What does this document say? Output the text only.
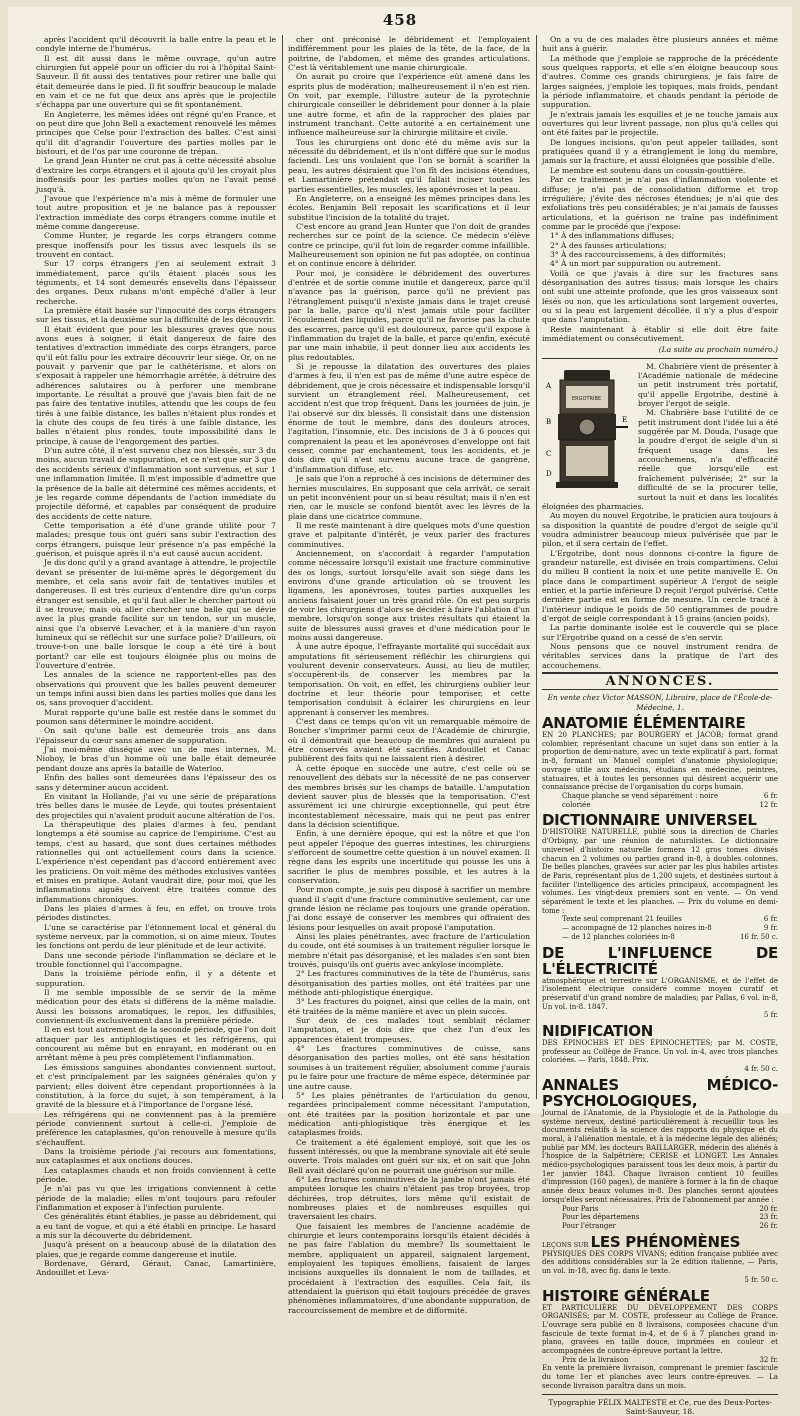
458

après l'accident qu'il découvrit la balle entre la peau et le condyle interne de l'humérus.

Il est dit aussi dans le même ouvrage, qu'un autre chirurgien fut appelé pour un officier du roi à l'hôpital Saint-Sauveur. Il fit aussi des tentatives pour retirer une balle qui était demeurée dans le pied. Il fit souffrir beaucoup le malade en vain et ce ne fut que deux ans après que le projectile s'échappa par une ouverture qui se fit spontanément.

En Angleterre, les mêmes idées ont régné qu'en France, et on peut dire que John Bell a exactement renouvelé les mêmes principes que Celse pour l'extraction des balles. C'est ainsi qu'il dit d'agrandir l'ouverture des parties molles par le bistouri, et de l'os par une couronne de trépan.

Le grand Jean Hunter ne crut pas à cette nécessité absolue d'extraire les corps étrangers et il ajouta qu'il les croyait plus inoffensifs pour les parties molles qu'on ne l'avait pensé jusqu'à.

J'avoue que l'expérience m'a mis à même de formuler une tout autre proposition et je ne balance pas à repousser l'extraction immédiate des corps étrangers comme inutile et même comme dangereuse.

Comme Hunter, je regarde les corps étrangers comme presque inoffensifs pour les tissus avec lesquels ils se trouvent en contact.

Sur 17 corps étrangers j'en ai seulement extrait 3 immédiatement, parce qu'ils étaient placés sous les téguments, et 14 sont demeurés ensevelis dans l'épaisseur des organes. Deux rubans m'ont empêché d'aller à leur recherche.

La première était basée sur l'innocuité des corps étrangers sur les tissus, et la deuxième sur la difficulté de les découvrir.

Il était évident que pour les blessures graves que nous avons eues à soigner, il était dangereux de faire des tentatives d'extraction immédiate des corps étrangers, parce qu'il eût fallu pour les extraire découvrir leur siège. Or, on ne pouvait y parvenir que par le cathétérisme, et alors on s'exposait à rappeler une hémorrhagie arrêtée, à détruire des adhérences salutaires ou à perforer une membrane importante. Le résultat a prouvé que j'avais bien fait de ne pas faire des tentative inutiles, attendu que les coups de feu tirés à une faible distance, les balles n'étaient plus rondes et la chute des coups de feu tirés à une faible distance, les balles n'étaient plus rondes, toute impossibilité dans le principe, à cause de l'engorgement des parties.

D'un autre côté, il n'est survenu chez nos blessés, sur 3 du moins, aucun travail de suppuration, et ce n'est que sur 3 que des accidents sérieux d'inflammation sont survenus, et sur 1 une inflammation limitée. Il m'est impossible d'admettre que la présence de la balle ait déterminé ces mêmes accidents, et je les regarde comme dépendants de l'action immédiate du projectile déformé, et capables par conséquent de produire des accidents de cette nature.

Cette temporisation a été d'une grande utilité pour 7 malades; presque tous ont guéri sans subir l'extraction des corps étrangers, puisque leur présence n'a pas empêché la guérison, et puisque après il n'a eut causé aucun accident.

Je dis donc qu'il y a grand avantage à attendre, le projectile devant se présenter de lui-même après le dégorgement du membre, et cela sans avoir fait de tentatives inutiles et dangereuses. Il est très curieux d'entendre dire qu'un corps étranger est sensible, et qu'il faut aller le chercher partout où il se trouve; mais où aller chercher une balle qui se dévie avec la plus grande facilité sur un tendon, sur un muscle, ainsi que l'a observé Levacher, et à la manière d'un rayon lumineux qui se réfléchit sur une surface polie? D'ailleurs, où trouve-t-on une balle lorsque le coup a été tiré à bout portant? car elle est toujours éloignée plus ou moins de l'ouverture d'entrée.

Les annales de la science ne rapportent-elles pas des observations qui prouvent que les balles peuvent demeurer un temps infini aussi bien dans les parties molles que dans les os, sans provoquer d'accident.

Murat rapporte qu'une balle est restée dans le sommet du poumon sans déterminer le moindre accident.

On sait qu'une balle est demeurée trois ans dans l'épaisseur du cœur sans amener de suppuration.

J'ai moi-même disséqué avec un de mes internes, M. Nioboy, le bras d'un homme où une balle était demeurée pendant douze ans après la bataille de Waterloo.

Enfin des balles sont demeurées dans l'épaisseur des os sans y déterminer aucun accident.

En visitant la Hollande, j'ai vu une série de préparations très belles dans le musée de Leyde, qui toutes présentaient des projectiles qui n'avaient produit aucune altération de l'os.

La thérapeutique des plaies d'armes à feu, pendant longtemps a été soumise au caprice de l'empirisme. C'est au temps, c'est au hasard, que sont dues certaines méthodes rationnelles qui ont actuellement cours dans la science. L'expérience n'est cependant pas d'accord entièrement avec les praticiens. On voit même des méthodes exclusives vantées et mises en pratique. Autant vaudrait dire, pour moi, que les inflammations aiguës doivent être traitées comme des inflammations chroniques.

Dans les plaies d'armes à feu, en effet, on trouve trois périodes distinctes.

L'une se caractérise par l'étonnement local et général du système nerveux, par la commotion, si on aime mieux. Toutes les fonctions ont perdu de leur plénitude et de leur activité.

Dans une seconde période l'inflammation se déclare et le trouble fonctionnel qui l'accompagne.

Dans la troisième période enfin, il y a détente et suppuration.

Il me semble impossible de se servir de la même médication pour des états si différens de la même maladie. Aussi les boissons aromatiques, le repos, les diffusibles, conviennent-ils exclusivement dans la première période.

Il en est tout autrement de la seconde période, que l'on doit attaquer par les antiphlogistiques et les réfrigérens, qui concourent au même but en enrayant, en modérant ou en arrêtant même à peu près complètement l'inflammation.

Les émissions sanguines abondantes conviennent surtout, et c'est principalement par les saignées générales qu'on y parvient; elles doivent être cependant proportionnées à la constitution, à la force du sujet, à son tempérament, à la gravité de la blessure et à l'importance de l'organe lésé.

Les réfrigérens qui ne conviennent pas à la première période conviennent surtout à celle-ci. J'emploie de préférence les cataplasmes, qu'on renouvelle à mesure qu'ils s'échauffent.

Dans la troisième période j'ai recours aux fomentations, aux cataplasmes et aux onctions douces.

Les cataplasmes chauds et non froids conviennent à cette période.

Je n'ai pas vu que les irrigations conviennent à cette période de la maladie; elles m'ont toujours paru refouler l'inflammation et exposer à l'infection purulente.

Ces généralités étant établies, je passe au débridement, qui a eu tant de vogue, et qui a été établi en principe. Le hasard a mis sur la découverte du débridement.

Jusqu'à présent on a beaucoup abusé de la dilatation des plaies, que je regarde comme dangereuse et inutile.

Bordenave, Gérard, Géraut, Canac, Lamartinière, Andouillet et Leva-

cher ont préconisé le débridement et l'employaient indifféremment pour les plaies de la tête, de la face, de la poitrine, de l'abdomen, et même des grandes articulations. C'est là véritablement une manie chirurgicale.

On aurait pu croire que l'expérience eût amené dans les esprits plus de modération; malheureusement il n'en est rien. On voit, par exemple, l'illustre auteur de la pyrotechnie chirurgicale conseiller le débridement pour donner à la plaie une autre forme, et afin de la rapprocher des plaies par instrument tranchant. Cette autorité a en certainement une influence malheureuse sur la chirurgie militaire et civile.

Tous les chirurgiens ont donc été du même avis sur la nécessité du débridement, et ils n'ont différé que sur le modus faciendi. Les uns voulaient que l'on se bornât à scarifier la peau, les autres désiraient que l'on fît des incisions étendues, et Lamartinière prétendait qu'il fallait inciser toutes les parties essentielles, les muscles, les aponévroses et la peau.

En Angleterre, on a enseigné les mêmes principes dans les écoles. Benjamin Bell reposait les scarifications et il leur substitue l'incision de la totalité du trajet.

C'est encore au grand Jean Hunter que l'on doit de grandes recherches sur ce point de la science. Ce médecin s'élève contre ce principe, qu'il fut loin de regarder comme infaillible. Malheureusement son opinion ne fut pas adoptée, on continua et on continue encore à débrider.

Pour moi, je considère le débridement des ouvertures d'entrée et de sortie comme inutile et dangereux, parce qu'il n'avance pas la guérison, parce qu'il ne prévient pas l'étranglement puisqu'il n'existe jamais dans le trajet creusé par la balle, parce qu'il n'est jamais utile pour faciliter l'écoulement des liquides, parce qu'il ne favorise pas la chute des escarres, parce qu'il est douloureux, parce qu'il expose à l'inflammation du trajet de la balle, et parce qu'enfin, exécuté par une main inhabile, il peut donner lieu aux accidents les plus redoutables.

Si je repousse la dilatation des ouvertures des plaies d'armes à feu, il n'en est pas de même d'une autre espèce de débridement, que je crois nécessaire et indispensable lorsqu'il survient un étranglement réel. Malheureusement, cet accident n'est que trop fréquent. Dans les journées de juin, je l'ai observé sur dix blessés. Il consistait dans une distension énorme de tout le membre, dans des douleurs atroces, l'agitation, l'insomnie, etc. Des incisions de 3 à 6 pouces qui comprenaient la peau et les aponévroses d'enveloppe ont fait cesser, comme par enchantement, tous les accidents, et je dois dire qu'il n'est survenu aucune trace de gangrène, d'inflammation diffuse, etc.

Je sais que l'on a reproché à ces incisions de déterminer des hernies musculaires. En supposant que cela arrivât, ce serait un petit inconvénient pour un si beau résultat; mais il n'en est rien, car le muscle se confond bientôt avec les lèvres de la plaie dans une cicatrice commune.

Il me reste maintenant à dire quelques mots d'une question grave et palpitante d'intérêt, je veux parler des fractures comminutives.

Anciennement, on s'accordait à regarder l'amputation comme nécessaire lorsqu'il existait une fracture comminutive des os longs, surtout lorsqu'elle avait son siège dans les environs d'une grande articulation où se trouvent les ligamens, les aponévroses, toutes parties auxquelles les anciens faisaient jouer un très grand rôle. On est peu surpris de voir les chirurgiens d'alors se décider à faire l'ablation d'un membre, lorsqu'on songe aux tristes résultats qui étaient la suite de blessures aussi graves et d'une médication pour le moins aussi dangereuse.

À une autre époque, l'effrayante mortalité qui succédait aux amputations fit sérieusement réfléchir les chirurgiens qui voulurent devenir conservateurs. Aussi, au lieu de mutiler, s'occupèrent-ils de conserver les membres par la temporisation. On voit, en effet, les chirurgiens oublier leur doctrine et leur théorie pour temporiser, et cette temporisation conduisit à éclairer les chirurgiens en leur apprenant à conserver les membres.

C'est dans ce temps qu'on vit un remarquable mémoire de Boucher s'imprimer parmi ceux de l'Académie de chirurgie, où il démontrait que beaucoup de membres qui auraient pu être conservés avaient été sacrifiés. Andouillet et Canac publièrent des faits qui ne laissaient rien à désirer.

À cette époque en succède une autre, c'est celle où se renouvellent des débats sur la nécessité de ne pas conserver des membres brisés sur les champs de bataille. L'amputation devient sauver plus de blessés que la temporisation. C'est assurément ici une chirurgie exceptionnelle, qui peut être incontestablement nécessaire, mais qui ne peut pas entrer dans la décision scientifique.

Enfin, à une dernière époque, qui est la nôtre et que l'on peut appeler l'époque des guerres intestines, les chirurgiens s'efforcent de soumettre cette question à un nouvel examen. Il règne dans les esprits une incertitude qui pousse les uns à sacrifier le plus de membres possible, et les autres à la conservation.

Pour mon compte, je suis peu disposé à sacrifier un membre quand il s'agit d'une fracture comminutive seulement, car une grande lésion ne réclame pas toujours une grande opération. J'ai donc essayé de conserver les membres qui offraient des lésions pour lesquelles on avait proposé l'amputation.

Ainsi les plaies pénétrantes, avec fracture de l'articulation du coude, ont été soumises à un traitement régulier lorsque le membre n'était pas désorganisé, et les malades s'en sont bien trouvés, puisqu'ils ont guéris avec ankylose incomplète.

2° Les fractures comminutives de la tête de l'humérus, sans désorganisation des parties molles, ont été traitées par une méthode anti-phlogistique énergique.

3° Les fractures du poignet, ainsi que celles de la main, ont été traitées de la même manière et avec un plein succès.

Sur deux de ces malades tout semblait réclamer l'amputation, et je dois dire que chez l'un d'eux les apparences étaient trompeuses.

4° Les fractures comminutives de cuisse, sans désorganisation des parties molles, ont été sans hésitation soumises à un traitement régulier, absolument comme j'aurais pu le faire pour une fracture de même espèce, déterminée par une autre cause.

5° Les plaies pénétrantes de l'articulation du genou, regardées principalement comme nécessitant l'amputation, ont été traitées par la position horizontale et par une médication anti-phlogistique très énergique et les cataplasmes froids.

Ce traitement a été également employé, soit que les os fussent intéressés, ou que la membrane synoviale ait été seule ouverte. Trois malades ont guéri sur six, et on sait que John Bell avait déclaré qu'on ne pourrait une guérison sur mille.

6° Les fractures comminutives de la jambe n'ont jamais été amputées lorsque les chairs n'étaient pas trop broyées, trop déchirées, trop détruites, lors même qu'il existait de nombreuses plaies et de nombreuses esquilles qui traversaient les chairs.

Que faisaient les membres de l'ancienne académie de chirurgie et leurs contemporains lorsqu'ils étaient décidés à ne pas faire l'ablation du membre? Ils soumettaient le membre, appliquaient un appareil, saignaient largement, employaient les topiques émolliens, faisaient de larges incisions auxquelles ils donnaient le nom de taillades, et procédaient à l'extraction des esquilles. Cela fait, ils attendaient la guérison qui était toujours précédée de graves phénomènes inflammatoires, d'une abondante suppuration, de raccourcissement de membre et de difformité.

On a vu de ces malades être plusieurs années et même huit ans à guérir.

La méthode que j'emploie se rapproche de la précédente sous quelques rapports, et elle s'en éloigne beaucoup sous d'autres. Comme ces grands chirurgiens, je fais faire de larges saignées, j'emploie les topiques, mais froids, pendant la période inflammatoire, et chauds pendant la période de suppuration.

Je n'extrais jamais les esquilles et je ne touche jamais aux ouvertures qui leur livrent passage, non plus qu'à celles qui ont été faites par le projectile.

De longues incisions, qu'on peut appeler taillades, sont pratiquées quand il y a étranglement le long du membre, jamais sur la fracture, et aussi éloignées que possible d'elle.

Le membre est soutenu dans un coussin-gouttière.

Par ce traitement je n'ai pas d'inflammation violente et diffuse; je n'ai pas de consolidation difforme et trop irrégulière; j'évite des nécroses étendues; je n'ai que des exfoliations très peu considérables; je n'ai jamais de fausses articulations, et la guérison ne traîne pas indéfiniment comme par le procédé que j'expose:

1° À des inflammations diffuses;

2° À des fausses articulations;

3° À des raccourcissemens, à des difformités;

4° À un mort par suppuration ou autrement.

Voilà ce que j'avais à dire sur les fractures sans désorganisation des autres tissus; mais lorsque les chairs ont subi une atteinte profonde, que les gros vaisseaux sont lésés ou non, que les articulations sont largement ouvertes, ou si la peau est largement décollée, il n'y a plus d'espoir que dans l'amputation.

Reste maintenant à établir si elle doit être faite immédiatement ou consécutivement.

(La suite au prochain numéro.)

ERGOTRIBE
A
B
C
D
E

M. Chabrière vient de présenter à l'Académie nationale de médecine un petit instrument très portatif, qu'il appelle Ergotribe, destiné à broyer l'ergot de seigle.

M. Chabrière base l'utilité de ce petit instrument dont l'idée lui a été suggérée par M. Douda, l'usage que la poudre d'ergot de seigle d'un si fréquent usage dans les accouchemens, n'a d'efficacité réelle que lorsqu'elle est fraîchement pulvérisée; 2° sur la difficulté de se la procurer telle, surtout la nuit et dans les localités éloignées des pharmacies.

Au moyen du nouvel Ergotribe, le praticien aura toujours à sa disposition la quantité de poudre d'ergot de seigle qu'il voudra administrer beaucoup mieux pulvérisée que par le pilon, et il sera certain de l'effet.

L'Ergotribe, dont nous donnons ci-contre la figure de grandeur naturelle, est divisée en trois compartimens. Celui du milieu B contient la noix et une petite manivelle E. On place dans le compartiment supérieur A l'ergot de seigle entier, et la partie inférieure D reçoit l'ergot pulvérisé. Cette dernière partie est en forme de mesure. Un cercle tracé à l'intérieur indique le poids de 50 centigrammes de poudre d'ergot de seigle correspondant à 15 grains (ancien poids).

La partie dominante isolée est le couvercle qui se place sur l'Ergotribe quand on a cessé de s'en servir.

Nous pensons que ce nouvel instrument rendra de véritables services dans la pratique de l'art des accouchemens.

ANNONCES.
En vente chez Victor MASSON, Libraire, place de l'École-de-Médecine, 1.
ANATOMIE ÉLÉMENTAIRE

EN 20 PLANCHES; par BOURGERY et JACOB; format grand colombier, représentant chacune un sujet dans son entier à la proportion de demi-nature, avec un texte explicatif à part, format in-8, formant un Manuel complet d'anatomie physiologique; ouvrage utile aux médecins, étudians en médecine, peintres, statuaires, et à toutes les personnes qui désirent acquérir une connaissance précise de l'organisation du corps humain.

Chaque planche se vend séparément : noire	6 fr.
coloriée	12 fr.
DICTIONNAIRE UNIVERSEL

D'HISTOIRE NATURELLE, publié sous la direction de Charles d'Orbigny, par une réunion de naturalistes. Le dictionnaire universel d'histoire naturelle formera 12 gros tomes divisés chacun en 2 volumes ou parties grand in-8, à doubles colonnes. De belles planches, gravées sur acier par les plus habiles artistes de Paris, représentant plus de 1,200 sujets, et destinées surtout à faciliter l'intelligence des articles principaux, accompagnent les volumes. Les vingt-deux premiers sont en vente. — On vend séparément le texte et les planches. — Prix du volume en demi-tome :

Texte seul comprenant 21 feuilles	6 fr.
— accompagné de 12 planches noires in-8	9 fr.
— de 12 planches coloriées in-8	16 fr. 50 c.
DE L'INFLUENCE DE L'ÉLECTRICITÉ

atmosphérique et terrestre sur L'ORGANISME, et de l'effet de l'isolement électrique considéré comme moyen curatif et préservatif d'un grand nombre de maladies; par Pallas, 6 vol. in-8, Un vol. in-8. 1847.

5 fr.
NIDIFICATION

DES ÉPINOCHES ET DES ÉPINOCHETTES; par M. COSTE, professeur au Collège de France. Un vol. in-4, avec trois planches coloriées. — Paris, 1848. Prix.

4 fr. 50 c.
ANNALES MÉDICO-PSYCHOLOGIQUES,

Journal de l'Anatomie, de la Physiologie et de la Pathologie du système nerveux, destiné particulièrement à recueillir tous les documents relatifs à la science des rapports du physique et du moral, à l'aliénation mentale, et à la médecine légale des aliénés; publié par MM. les docteurs BAILLARGER, médecin des aliénés à l'hospice de la Salpêtrière; CERISE et LONGET. Les Annales médico-psychologiques paraissent tous les deux mois, à partir du 1er janvier 1843. Chaque livraison contient 10 feuilles d'impression (160 pages), de manière à former à la fin de chaque année deux beaux volumes in-8. Des planches seront ajoutées lorsqu'elles seront nécessaires. Prix de l'abonnement par année :

Pour Paris	20 fr.
Pour les départemens	23 fr.
Pour l'étranger	26 fr.
LEÇONS SUR LES PHÉNOMÈNES

PHYSIQUES DES CORPS VIVANS; édition française publiée avec des additions considérables sur la 2e édition italienne, — Paris, un vol. in-18, avec fig. dans le texte.

5 fr. 50 c.
HISTOIRE GÉNÉRALE

ET PARTICULIÈRE DU DÉVELOPPEMENT DES CORPS ORGANISÉS; par M. COSTE, professeur au Collège de France. L'ouvrage sera publié en 8 livraisons, composées chacune d'un fascicule de texte format in-4, et de 6 à 7 planches grand in-plano, gravées en taille douce, imprimées en couleur et accompagnées de contre-épreuve portant la lettre.

Prix de la livraison	32 fr.

En vente la première livraison, comprenant le premier fascicule du tome 1er et planches avec leurs contre-épreuves. — La seconde livraison paraîtra dans un mois.

Typographie FÉLIX MALTESTE et Ce, rue des Deux-Portes-Saint-Sauveur, 18.
